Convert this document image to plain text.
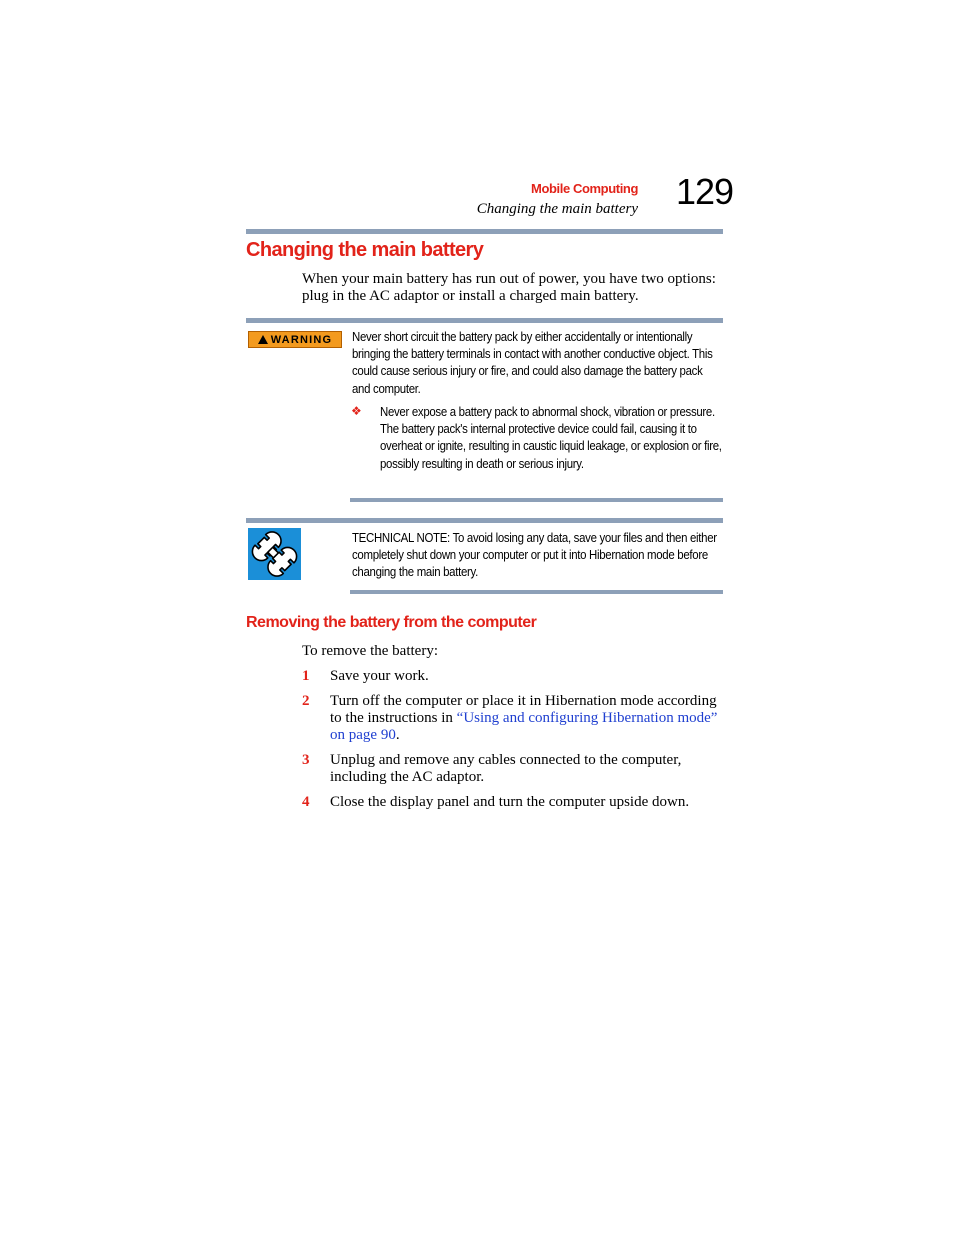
Mobile Computing
Changing the main battery 129
Changing the main battery
When your main battery has run out of power, you have two options: plug in the AC adaptor or install a charged main battery.
WARNING Never short circuit the battery pack by either accidentally or intentionally bringing the battery terminals in contact with another conductive object. This could cause serious injury or fire, and could also damage the battery pack and computer.
❖ Never expose a battery pack to abnormal shock, vibration or pressure. The battery pack's internal protective device could fail, causing it to overheat or ignite, resulting in caustic liquid leakage, or explosion or fire, possibly resulting in death or serious injury.
TECHNICAL NOTE: To avoid losing any data, save your files and then either completely shut down your computer or put it into Hibernation mode before changing the main battery.
Removing the battery from the computer
To remove the battery:
1 Save your work.
2 Turn off the computer or place it in Hibernation mode according to the instructions in “Using and configuring Hibernation mode” on page 90.
3 Unplug and remove any cables connected to the computer, including the AC adaptor.
4 Close the display panel and turn the computer upside down.
